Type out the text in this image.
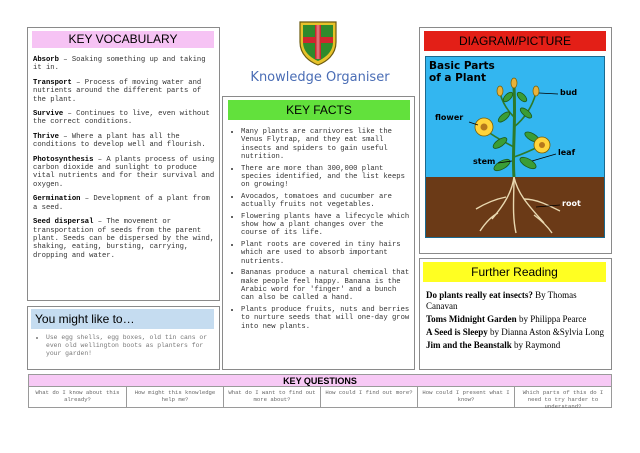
Knowledge Organiser
KEY VOCABULARY

Absorb – Soaking something up and taking it in.

Transport – Process of moving water and nutrients around the different parts of the plant.

Survive – Continues to live, even without the correct conditions.

Thrive – Where a plant has all the conditions to develop well and flourish.

Photosynthesis – A plants process of using carbon dioxide and sunlight to produce vital nutrients and for their survival and oxygen.

Germination – Development of a plant from a seed.

Seed dispersal – The movement or transportation of seeds from the parent plant. Seeds can be dispersed by the wind, shaking, eating, bursting, carrying, dropping and water.

You might like to…
• Use egg shells, egg boxes, old tin cans or even old wellington boots as planters for your garden!
KEY FACTS
• Many plants are carnivores like the Venus Flytrap, and they eat small insects and spiders to gain useful nutrition.
• There are more than 300,000 plant species identified, and the list keeps on growing!
• Avocados, tomatoes and cucumber are actually fruits not vegetables.
• Flowering plants have a lifecycle which show how a plant changes over the course of its life.
• Plant roots are covered in tiny hairs which are used to absorb important nutrients.
• Bananas produce a natural chemical that make people feel happy. Banana is the Arabic word for 'finger' and a bunch can also be called a hand.
• Plants produce fruits, nuts and berries to nurture seeds that will one-day grow into new plants.
DIAGRAM/PICTURE
Basic Parts
of a Plant
flower
bud
leaf
stem
root
Further Reading

Do plants really eat insects? By Thomas Canavan

Toms Midnight Garden by Philippa Pearce

A Seed is Sleepy by Dianna Aston &Sylvia Long

Jim and the Beanstalk by Raymond

KEY QUESTIONS
What do I know about this already?
How might this knowledge help me?
What do I want to find out more about?
How could I find out more?	How could I present what I know?
Which parts of this do I need to try harder to understand?
